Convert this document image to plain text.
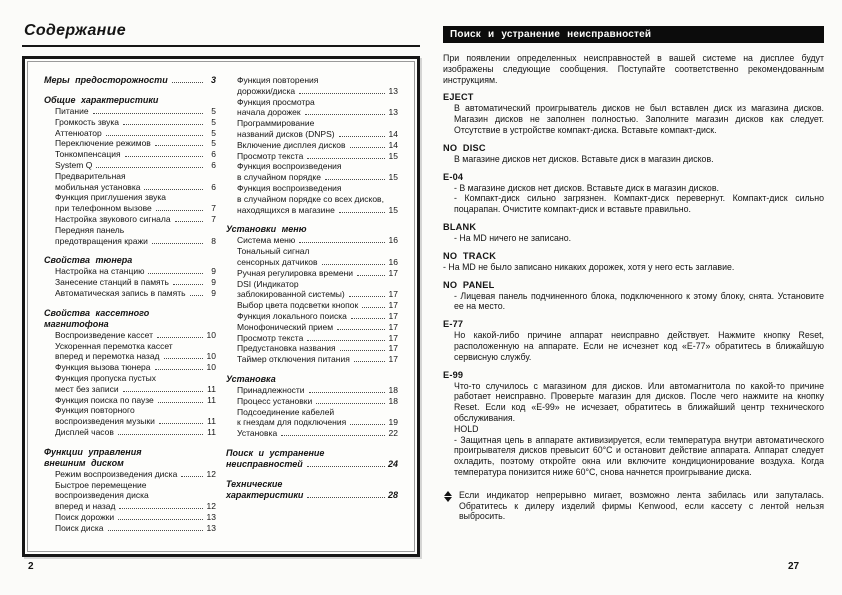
Содержание
Меры предосторожности	3
Общие характеристики
Питание	5
Громкость звука	5
Аттенюатор	5
Переключение режимов	5
Тонкомпенсация	6
System Q	6
Предварительная
мобильная установка	6
Функция приглушения звука
при телефонном вызове	7
Настройка звукового сигнала	7
Передняя панель
предотвращения кражи	8
Свойства тюнера
Настройка на станцию	9
Занесение станций в память	9
Автоматическая запись в память	9
Свойства кассетного магнитофона
Воспроизведение кассет	10
Ускоренная перемотка кассет
вперед и перемотка назад	10
Функция вызова тюнера	10
Функция пропуска пустых
мест без записи	11
Функция поиска по паузе	11
Функция повторного
воспроизведения музыки	11
Дисплей часов	11
Функции управления
внешним диском
Режим воспроизведения диска	12
Быстрое перемещение
воспроизведения диска
вперед и назад	12
Поиск дорожки	13
Поиск диска	13
Функция повторения
дорожки/диска	13
Функция просмотра
начала дорожек	13
Программирование
названий дисков (DNPS)	14
Включение дисплея дисков	14
Просмотр текста	15
Функция воспроизведения
в случайном порядке	15
Функция воспроизведения
в случайном порядке со всех дисков,
находящихся в магазине	15
Установки меню
Система меню	16
Тональный сигнал
сенсорных датчиков	16
Ручная регулировка времени	17
DSI (Индикатор
заблокированной системы)	17
Выбор цвета подсветки кнопок	17
Функция локального поиска	17
Монофонический прием	17
Просмотр текста	17
Предустановка названия	17
Таймер отключения питания	17
Установка
Принадлежности	18
Процесс установки	18
Подсоединение кабелей
к гнездам для подключения	19
Установка	22
Поиск и устранение
неисправностей	24
Технические
характеристики	28
Поиск и устранение неисправностей

При появлении определенных неисправностей в вашей системе на дисплее будут изображены следующие сообщения. Поступайте соответственно рекомендованным инструкциям.

EJECT

В автоматический проигрыватель дисков не был вставлен диск из магазина дисков. Магазин дисков не заполнен полностью. Заполните магазин дисков как следует. Отсутствие в устройстве компакт-диска. Вставьте компакт-диск.

NO DISC

В магазине дисков нет дисков. Вставьте диск в магазин дисков.

E-04

- В магазине дисков нет дисков. Вставьте диск в магазин дисков.

- Компакт-диск сильно загрязнен. Компакт-диск перевернут. Компакт-диск сильно поцарапан. Очистите компакт-диск и вставьте правильно.

BLANK

- На MD ничего не записано.

NO TRACK

- На MD не было записано никаких дорожек, хотя у него есть заглавие.

NO PANEL

- Лицевая панель подчиненного блока, подключенного к этому блоку, снята. Установите ее на место.

E-77

Но какой-либо причине аппарат неисправно действует. Нажмите кнопку Reset, расположенную на аппарате. Если не исчезнет код «Е-77» обратитесь в ближайшую сервисную службу.

E-99

Что-то случилось с магазином для дисков. Или автомагнитола по какой-то причине работает неисправно. Проверьте магазин для дисков. После чего нажмите на кнопку Reset. Если код «Е-99» не исчезает, обратитесь в ближайший центр технического обслуживания.

HOLD

- Защитная цепь в аппарате активизируется, если температура внутри автоматического проигрывателя дисков превысит 60°C и остановит действие аппарата. Аппарат следует охладить, поэтому откройте окна или включите кондиционирование воздуха. Когда температура понизится ниже 60°C, снова начнется проигрывание диска.

Если индикатор непрерывно мигает, возможно лента забилась или запуталась. Обратитесь к дилеру изделий фирмы Kenwood, если кассету с лентой нельзя выбросить.

2	27
